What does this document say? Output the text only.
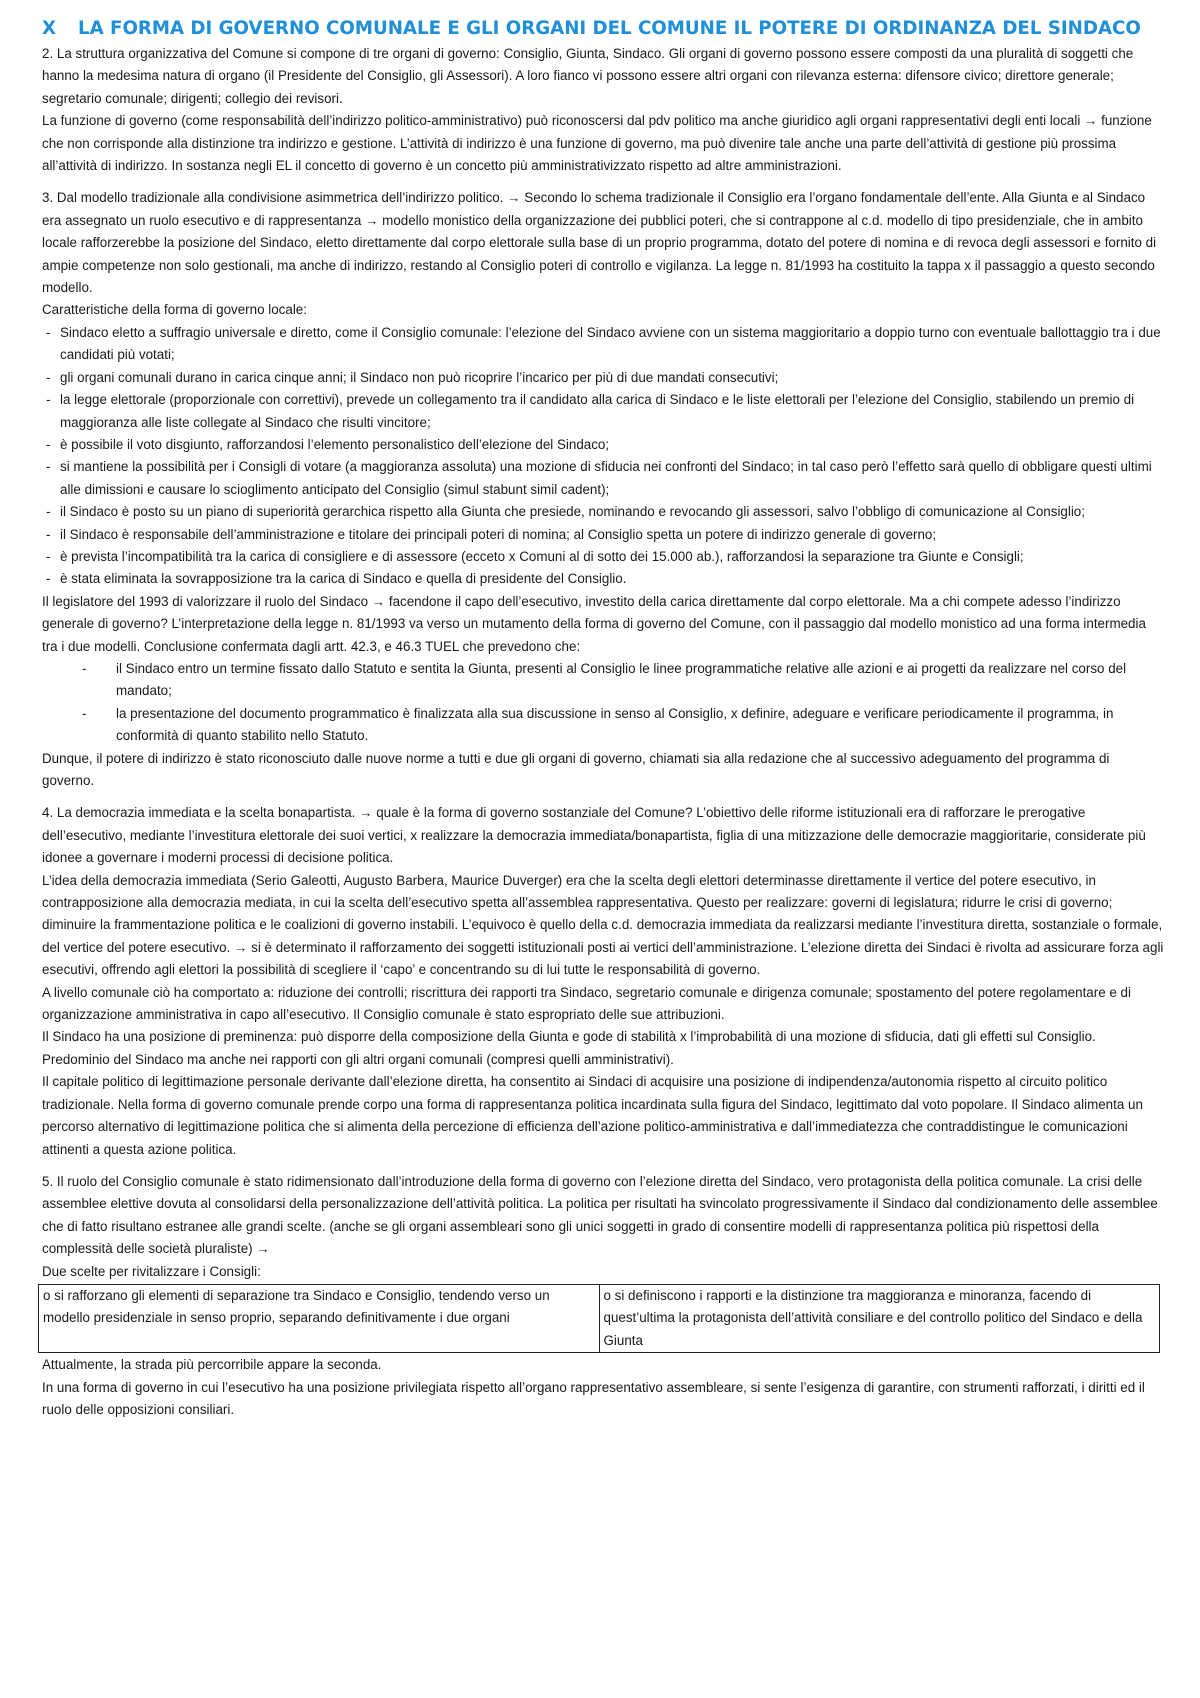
X LA FORMA DI GOVERNO COMUNALE E GLI ORGANI DEL COMUNE IL POTERE DI ORDINANZA DEL SINDACO

2. La struttura organizzativa del Comune si compone di tre organi di governo: Consiglio, Giunta, Sindaco. Gli organi di governo possono essere composti da una pluralità di soggetti che hanno la medesima natura di organo (il Presidente del Consiglio, gli Assessori). A loro fianco vi possono essere altri organi con rilevanza esterna: difensore civico; direttore generale; segretario comunale; dirigenti; collegio dei revisori.

La funzione di governo (come responsabilità dell’indirizzo politico-amministrativo) può riconoscersi dal pdv politico ma anche giuridico agli organi rappresentativi degli enti locali → funzione che non corrisponde alla distinzione tra indirizzo e gestione. L’attività di indirizzo è una funzione di governo, ma può divenire tale anche una parte dell’attività di gestione più prossima all’attività di indirizzo. In sostanza negli EL il concetto di governo è un concetto più amministrativizzato rispetto ad altre amministrazioni.

3. Dal modello tradizionale alla condivisione asimmetrica dell’indirizzo politico. → Secondo lo schema tradizionale il Consiglio era l’organo fondamentale dell’ente. Alla Giunta e al Sindaco era assegnato un ruolo esecutivo e di rappresentanza → modello monistico della organizzazione dei pubblici poteri, che si contrappone al c.d. modello di tipo presidenziale, che in ambito locale rafforzerebbe la posizione del Sindaco, eletto direttamente dal corpo elettorale sulla base di un proprio programma, dotato del potere di nomina e di revoca degli assessori e fornito di ampie competenze non solo gestionali, ma anche di indirizzo, restando al Consiglio poteri di controllo e vigilanza. La legge n. 81/1993 ha costituito la tappa x il passaggio a questo secondo modello.

Caratteristiche della forma di governo locale:

- Sindaco eletto a suffragio universale e diretto, come il Consiglio comunale: l’elezione del Sindaco avviene con un sistema maggioritario a doppio turno con eventuale ballottaggio tra i due candidati più votati;
- gli organi comunali durano in carica cinque anni; il Sindaco non può ricoprire l’incarico per più di due mandati consecutivi;
- la legge elettorale (proporzionale con correttivi), prevede un collegamento tra il candidato alla carica di Sindaco e le liste elettorali per l’elezione del Consiglio, stabilendo un premio di maggioranza alle liste collegate al Sindaco che risulti vincitore;
- è possibile il voto disgiunto, rafforzandosi l’elemento personalistico dell’elezione del Sindaco;
- si mantiene la possibilità per i Consigli di votare (a maggioranza assoluta) una mozione di sfiducia nei confronti del Sindaco; in tal caso però l’effetto sarà quello di obbligare questi ultimi alle dimissioni e causare lo scioglimento anticipato del Consiglio (simul stabunt simil cadent);
- il Sindaco è posto su un piano di superiorità gerarchica rispetto alla Giunta che presiede, nominando e revocando gli assessori, salvo l’obbligo di comunicazione al Consiglio;
- il Sindaco è responsabile dell’amministrazione e titolare dei principali poteri di nomina; al Consiglio spetta un potere di indirizzo generale di governo;
- è prevista l’incompatibilità tra la carica di consigliere e di assessore (ecceto x Comuni al di sotto dei 15.000 ab.), rafforzandosi la separazione tra Giunte e Consigli;
- è stata eliminata la sovrapposizione tra la carica di Sindaco e quella di presidente del Consiglio.

Il legislatore del 1993 di valorizzare il ruolo del Sindaco → facendone il capo dell’esecutivo, investito della carica direttamente dal corpo elettorale. Ma a chi compete adesso l’indirizzo generale di governo? L’interpretazione della legge n. 81/1993 va verso un mutamento della forma di governo del Comune, con il passaggio dal modello monistico ad una forma intermedia tra i due modelli. Conclusione confermata dagli artt. 42.3, e 46.3 TUEL che prevedono che:

- il Sindaco entro un termine fissato dallo Statuto e sentita la Giunta, presenti al Consiglio le linee programmatiche relative alle azioni e ai progetti da realizzare nel corso del mandato;
- la presentazione del documento programmatico è finalizzata alla sua discussione in senso al Consiglio, x definire, adeguare e verificare periodicamente il programma, in conformità di quanto stabilito nello Statuto.

Dunque, il potere di indirizzo è stato riconosciuto dalle nuove norme a tutti e due gli organi di governo, chiamati sia alla redazione che al successivo adeguamento del programma di governo.

4. La democrazia immediata e la scelta bonapartista. → quale è la forma di governo sostanziale del Comune? L’obiettivo delle riforme istituzionali era di rafforzare le prerogative dell’esecutivo, mediante l’investitura elettorale dei suoi vertici, x realizzare la democrazia immediata/bonapartista, figlia di una mitizzazione delle democrazie maggioritarie, considerate più idonee a governare i moderni processi di decisione politica.

L’idea della democrazia immediata (Serio Galeotti, Augusto Barbera, Maurice Duverger) era che la scelta degli elettori determinasse direttamente il vertice del potere esecutivo, in contrapposizione alla democrazia mediata, in cui la scelta dell’esecutivo spetta all’assemblea rappresentativa. Questo per realizzare: governi di legislatura; ridurre le crisi di governo; diminuire la frammentazione politica e le coalizioni di governo instabili. L’equivoco è quello della c.d. democrazia immediata da realizzarsi mediante l’investitura diretta, sostanziale o formale, del vertice del potere esecutivo. → si è determinato il rafforzamento dei soggetti istituzionali posti ai vertici dell’amministrazione. L’elezione diretta dei Sindaci è rivolta ad assicurare forza agli esecutivi, offrendo agli elettori la possibilità di scegliere il ‘capo’ e concentrando su di lui tutte le responsabilità di governo.

A livello comunale ciò ha comportato a: riduzione dei controlli; riscrittura dei rapporti tra Sindaco, segretario comunale e dirigenza comunale; spostamento del potere regolamentare e di organizzazione amministrativa in capo all’esecutivo. Il Consiglio comunale è stato espropriato delle sue attribuzioni.

Il Sindaco ha una posizione di preminenza: può disporre della composizione della Giunta e gode di stabilità x l’improbabilità di una mozione di sfiducia, dati gli effetti sul Consiglio. Predominio del Sindaco ma anche nei rapporti con gli altri organi comunali (compresi quelli amministrativi).

Il capitale politico di legittimazione personale derivante dall’elezione diretta, ha consentito ai Sindaci di acquisire una posizione di indipendenza/autonomia rispetto al circuito politico tradizionale. Nella forma di governo comunale prende corpo una forma di rappresentanza politica incardinata sulla figura del Sindaco, legittimato dal voto popolare. Il Sindaco alimenta un percorso alternativo di legittimazione politica che si alimenta della percezione di efficienza dell’azione politico-amministrativa e dall’immediatezza che contraddistingue le comunicazioni attinenti a questa azione politica.

5. Il ruolo del Consiglio comunale è stato ridimensionato dall’introduzione della forma di governo con l’elezione diretta del Sindaco, vero protagonista della politica comunale. La crisi delle assemblee elettive dovuta al consolidarsi della personalizzazione dell’attività politica. La politica per risultati ha svincolato progressivamente il Sindaco dal condizionamento delle assemblee che di fatto risultano estranee alle grandi scelte. (anche se gli organi assembleari sono gli unici soggetti in grado di consentire modelli di rappresentanza politica più rispettosi della complessità delle società pluraliste) →

Due scelte per rivitalizzare i Consigli:

o si rafforzano gli elementi di separazione tra Sindaco e Consiglio, tendendo verso un modello presidenziale in senso proprio, separando definitivamente i due organi	o si definiscono i rapporti e la distinzione tra maggioranza e minoranza, facendo di quest’ultima la protagonista dell’attività consiliare e del controllo politico del Sindaco e della Giunta

Attualmente, la strada più percorribile appare la seconda.

In una forma di governo in cui l’esecutivo ha una posizione privilegiata rispetto all’organo rappresentativo assembleare, si sente l’esigenza di garantire, con strumenti rafforzati, i diritti ed il ruolo delle opposizioni consiliari.
